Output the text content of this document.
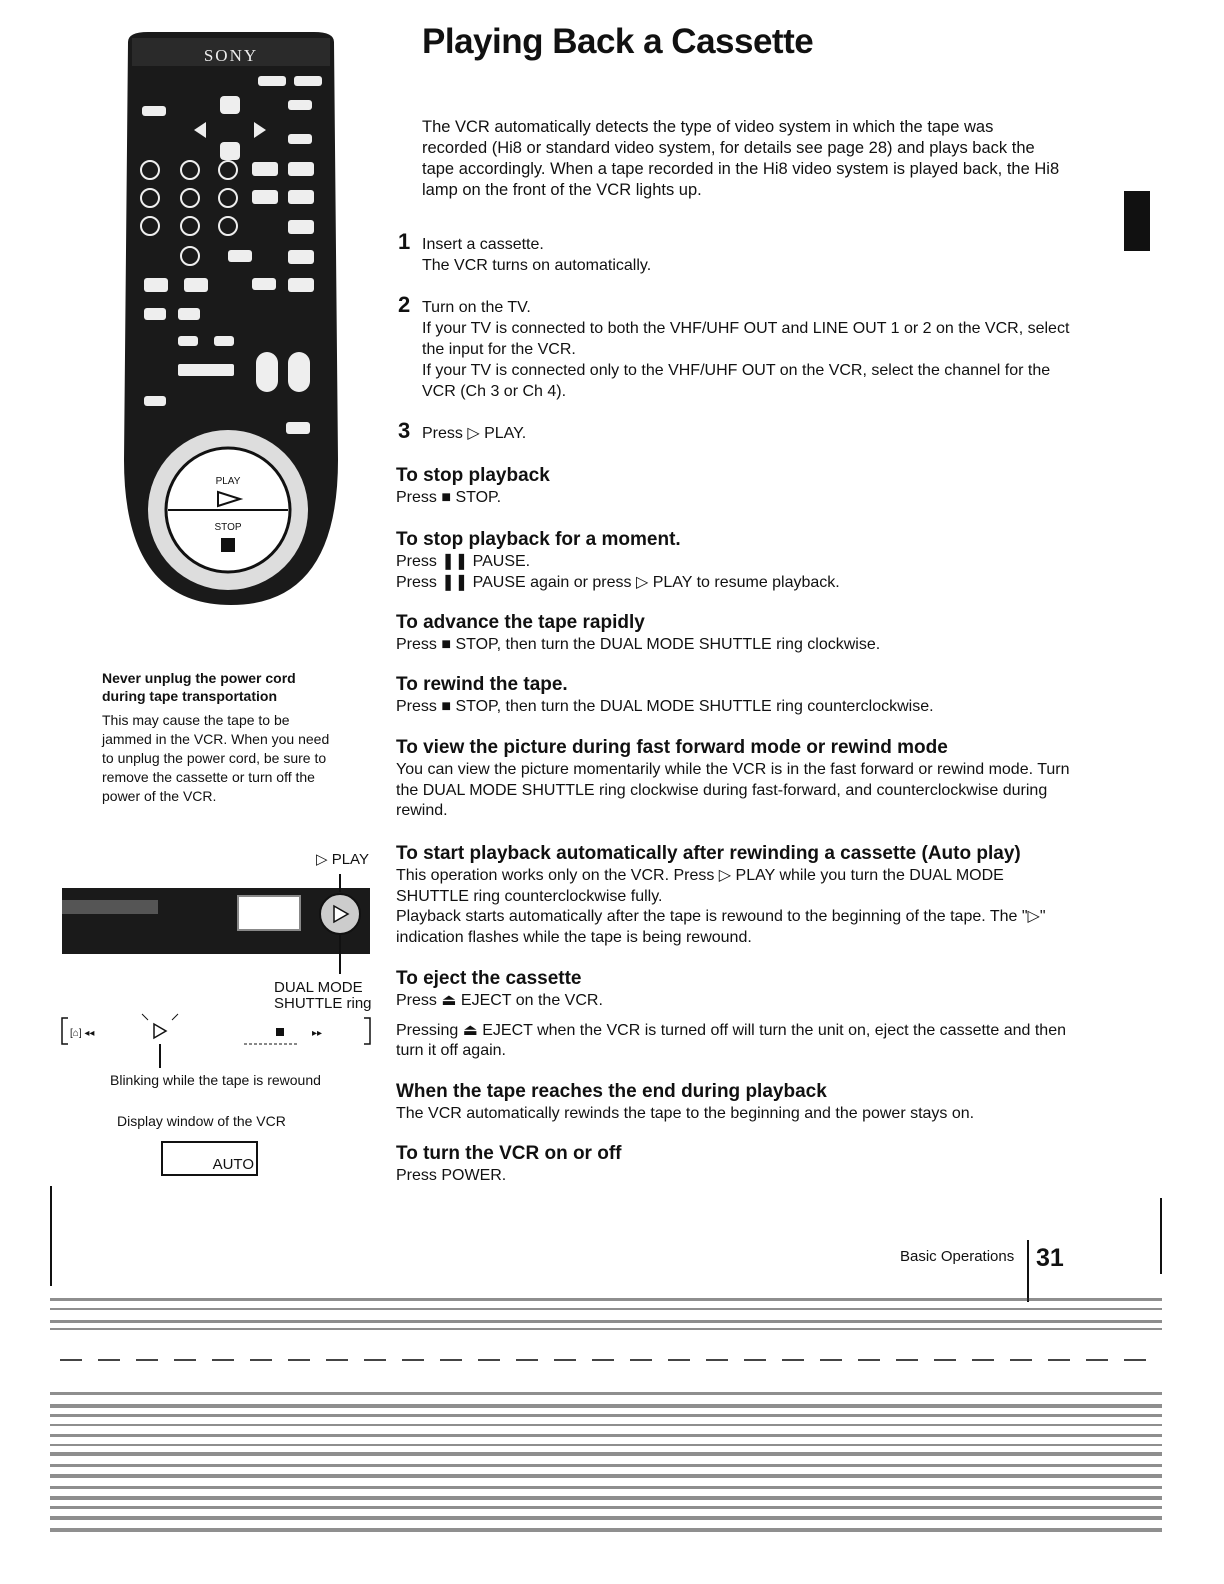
Playing Back a Cassette

The VCR automatically detects the type of video system in which the tape was recorded (Hi8 or standard video system, for details see page 28) and plays back the tape accordingly. When a tape recorded in the Hi8 video system is played back, the Hi8 lamp on the front of the VCR lights up.

SONY
PLAY
STOP
1 Insert a cassette.
The VCR turns on automatically.
2 Turn on the TV.
If your TV is connected to both the VHF/UHF OUT and LINE OUT 1 or 2 on the VCR, select the input for the VCR.
If your TV is connected only to the VHF/UHF OUT on the VCR, select the channel for the VCR (Ch 3 or Ch 4).
3 Press ▷ PLAY.
To stop playback

Press ■ STOP.

To stop playback for a moment.

Press ❚❚ PAUSE.

Press ❚❚ PAUSE again or press ▷ PLAY to resume playback.

To advance the tape rapidly

Press ■ STOP, then turn the DUAL MODE SHUTTLE ring clockwise.

To rewind the tape.

Press ■ STOP, then turn the DUAL MODE SHUTTLE ring counterclockwise.

To view the picture during fast forward mode or rewind mode

You can view the picture momentarily while the VCR is in the fast forward or rewind mode. Turn the DUAL MODE SHUTTLE ring clockwise during fast-forward, and counterclockwise during rewind.

To start playback automatically after rewinding a cassette (Auto play)

This operation works only on the VCR. Press ▷ PLAY while you turn the DUAL MODE SHUTTLE ring counterclockwise fully.

Playback starts automatically after the tape is rewound to the beginning of the tape. The "▷" indication flashes while the tape is being rewound.

To eject the cassette

Press ⏏ EJECT on the VCR.

Pressing ⏏ EJECT when the VCR is turned off will turn the unit on, eject the cassette and then turn it off again.

When the tape reaches the end during playback

The VCR automatically rewinds the tape to the beginning and the power stays on.

To turn the VCR on or off

Press POWER.

Never unplug the power cord during tape transportation

This may cause the tape to be jammed in the VCR. When you need to unplug the power cord, be sure to remove the cassette or turn off the power of the VCR.

▷ PLAY
DUAL MODE
SHUTTLE ring
[⌂] ◂◂	▸▸
Blinking while the tape is rewound
Display window of the VCR
AUTO
Basic Operations 31
